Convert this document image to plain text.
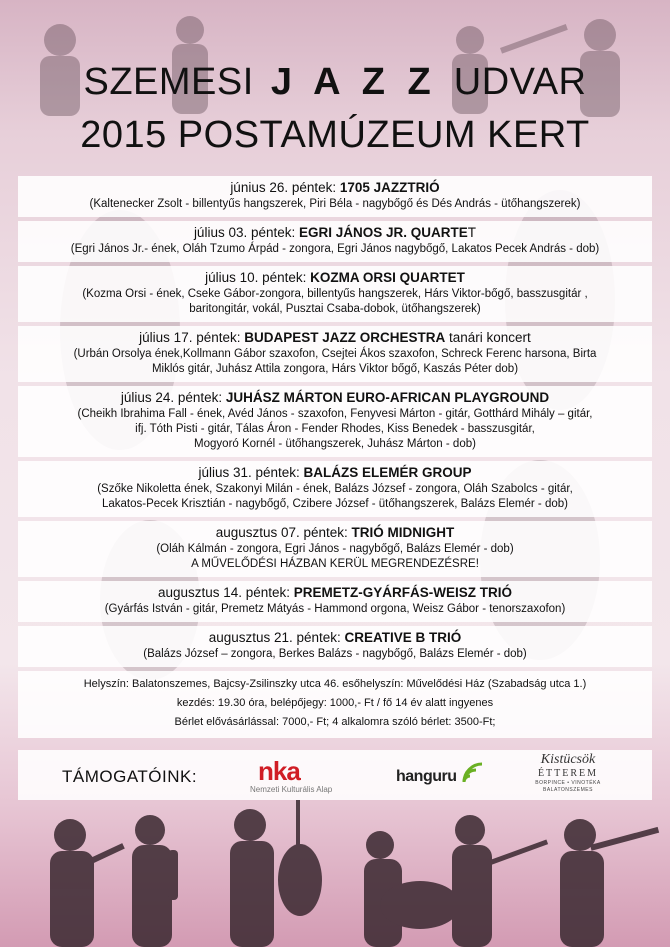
SZEMESI J A Z Z UDVAR
2015 POSTAMÚZEUM KERT
június 26. péntek: 1705 JAZZTRIÓ
(Kaltenecker Zsolt - billentyűs hangszerek, Piri Béla - nagybőgő és Dés András - ütőhangszerek)
július 03. péntek: EGRI JÁNOS JR. QUARTET
(Egri János Jr.- ének, Oláh Tzumo Árpád - zongora, Egri János nagybőgő, Lakatos Pecek András - dob)
július 10. péntek: KOZMA ORSI QUARTET
(Kozma Orsi - ének, Cseke Gábor-zongora, billentyűs hangszerek, Hárs Viktor-bőgő, basszusgitár ,
baritongitár, vokál, Pusztai Csaba-dobok, ütőhangszerek)
július 17. péntek: BUDAPEST JAZZ ORCHESTRA tanári koncert
(Urbán Orsolya ének,Kollmann Gábor szaxofon, Csejtei Ákos szaxofon, Schreck Ferenc harsona, Birta
Miklós gitár, Juhász Attila zongora, Hárs Viktor bőgő, Kaszás Péter dob)
július 24. péntek: JUHÁSZ MÁRTON EURO-AFRICAN PLAYGROUND
(Cheikh Ibrahima Fall - ének, Avéd János - szaxofon, Fenyvesi Márton - gitár, Gotthárd Mihály – gitár,
ifj. Tóth Pisti - gitár, Tálas Áron - Fender Rhodes, Kiss Benedek - basszusgitár,
Mogyoró Kornél - ütőhangszerek, Juhász Márton - dob)
július 31. péntek: BALÁZS ELEMÉR GROUP
(Szőke Nikoletta ének, Szakonyi Milán - ének, Balázs József - zongora, Oláh Szabolcs - gitár,
Lakatos-Pecek Krisztián - nagybőgő, Czibere József - ütőhangszerek, Balázs Elemér - dob)
augusztus 07. péntek: TRIÓ MIDNIGHT
(Oláh Kálmán - zongora, Egri János - nagybőgő, Balázs Elemér - dob)
A MŰVELŐDÉSI HÁZBAN KERÜL MEGRENDEZÉSRE!
augusztus 14. péntek: PREMETZ-GYÁRFÁS-WEISZ TRIÓ
(Gyárfás István - gitár, Premetz Mátyás - Hammond orgona, Weisz Gábor - tenorszaxofon)
augusztus 21. péntek: CREATIVE B TRIÓ
(Balázs József – zongora, Berkes Balázs - nagybőgő, Balázs Elemér - dob)
Helyszín: Balatonszemes, Bajcsy-Zsilinszky utca 46. esőhelyszín: Művelődési Ház (Szabadság utca 1.)
kezdés: 19.30 óra, belépőjegy: 1000,- Ft / fő 14 év alatt ingyenes
Bérlet elővásárlással: 7000,- Ft; 4 alkalomra szóló bérlet: 3500-Ft;
TÁMOGATÓINK: nka
Nemzeti Kulturális Alap
hanguru
Kistücsök
ÉTTEREM
BORPINCE • VINOTÉKA
BALATONSZEMES
